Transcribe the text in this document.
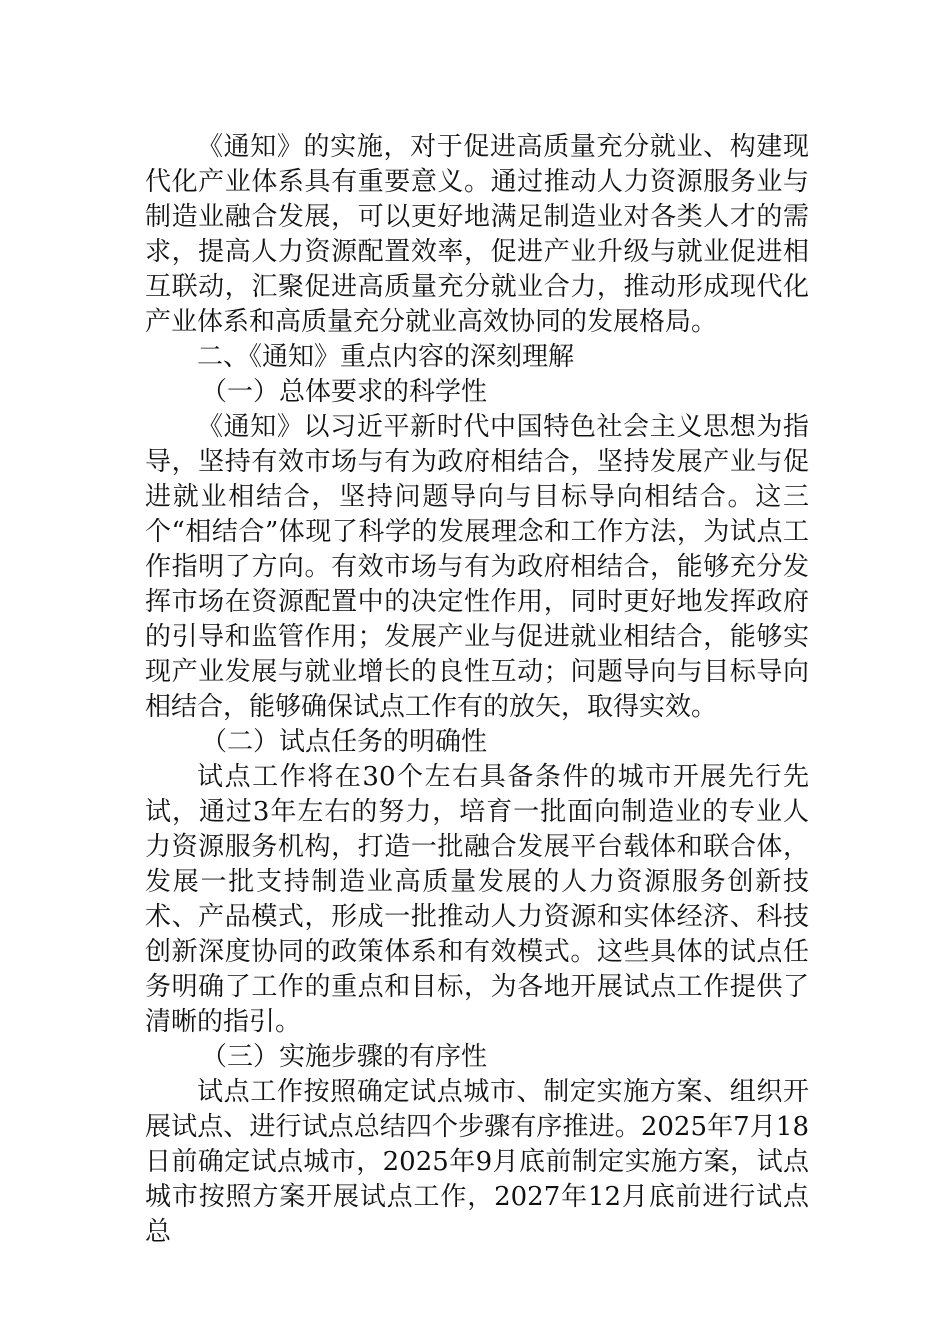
《通知》的实施，对于促进高质量充分就业、构建现代化产业体系具有重要意义。通过推动人力资源服务业与制造业融合发展，可以更好地满足制造业对各类人才的需求，提高人力资源配置效率，促进产业升级与就业促进相互联动，汇聚促进高质量充分就业合力，推动形成现代化产业体系和高质量充分就业高效协同的发展格局。

二、《通知》重点内容的深刻理解
（一）总体要求的科学性

《通知》以习近平新时代中国特色社会主义思想为指导，坚持有效市场与有为政府相结合，坚持发展产业与促进就业相结合，坚持问题导向与目标导向相结合。这三个“相结合”体现了科学的发展理念和工作方法，为试点工作指明了方向。有效市场与有为政府相结合，能够充分发挥市场在资源配置中的决定性作用，同时更好地发挥政府的引导和监管作用；发展产业与促进就业相结合，能够实现产业发展与就业增长的良性互动；问题导向与目标导向相结合，能够确保试点工作有的放矢，取得实效。

（二）试点任务的明确性

试点工作将在30个左右具备条件的城市开展先行先试，通过3年左右的努力，培育一批面向制造业的专业人力资源服务机构，打造一批融合发展平台载体和联合体，发展一批支持制造业高质量发展的人力资源服务创新技术、产品模式，形成一批推动人力资源和实体经济、科技创新深度协同的政策体系和有效模式。这些具体的试点任务明确了工作的重点和目标，为各地开展试点工作提供了清晰的指引。

（三）实施步骤的有序性

试点工作按照确定试点城市、制定实施方案、组织开展试点、进行试点总结四个步骤有序推进。2025年7月18日前确定试点城市，2025年9月底前制定实施方案，试点城市按照方案开展试点工作，2027年12月底前进行试点总
